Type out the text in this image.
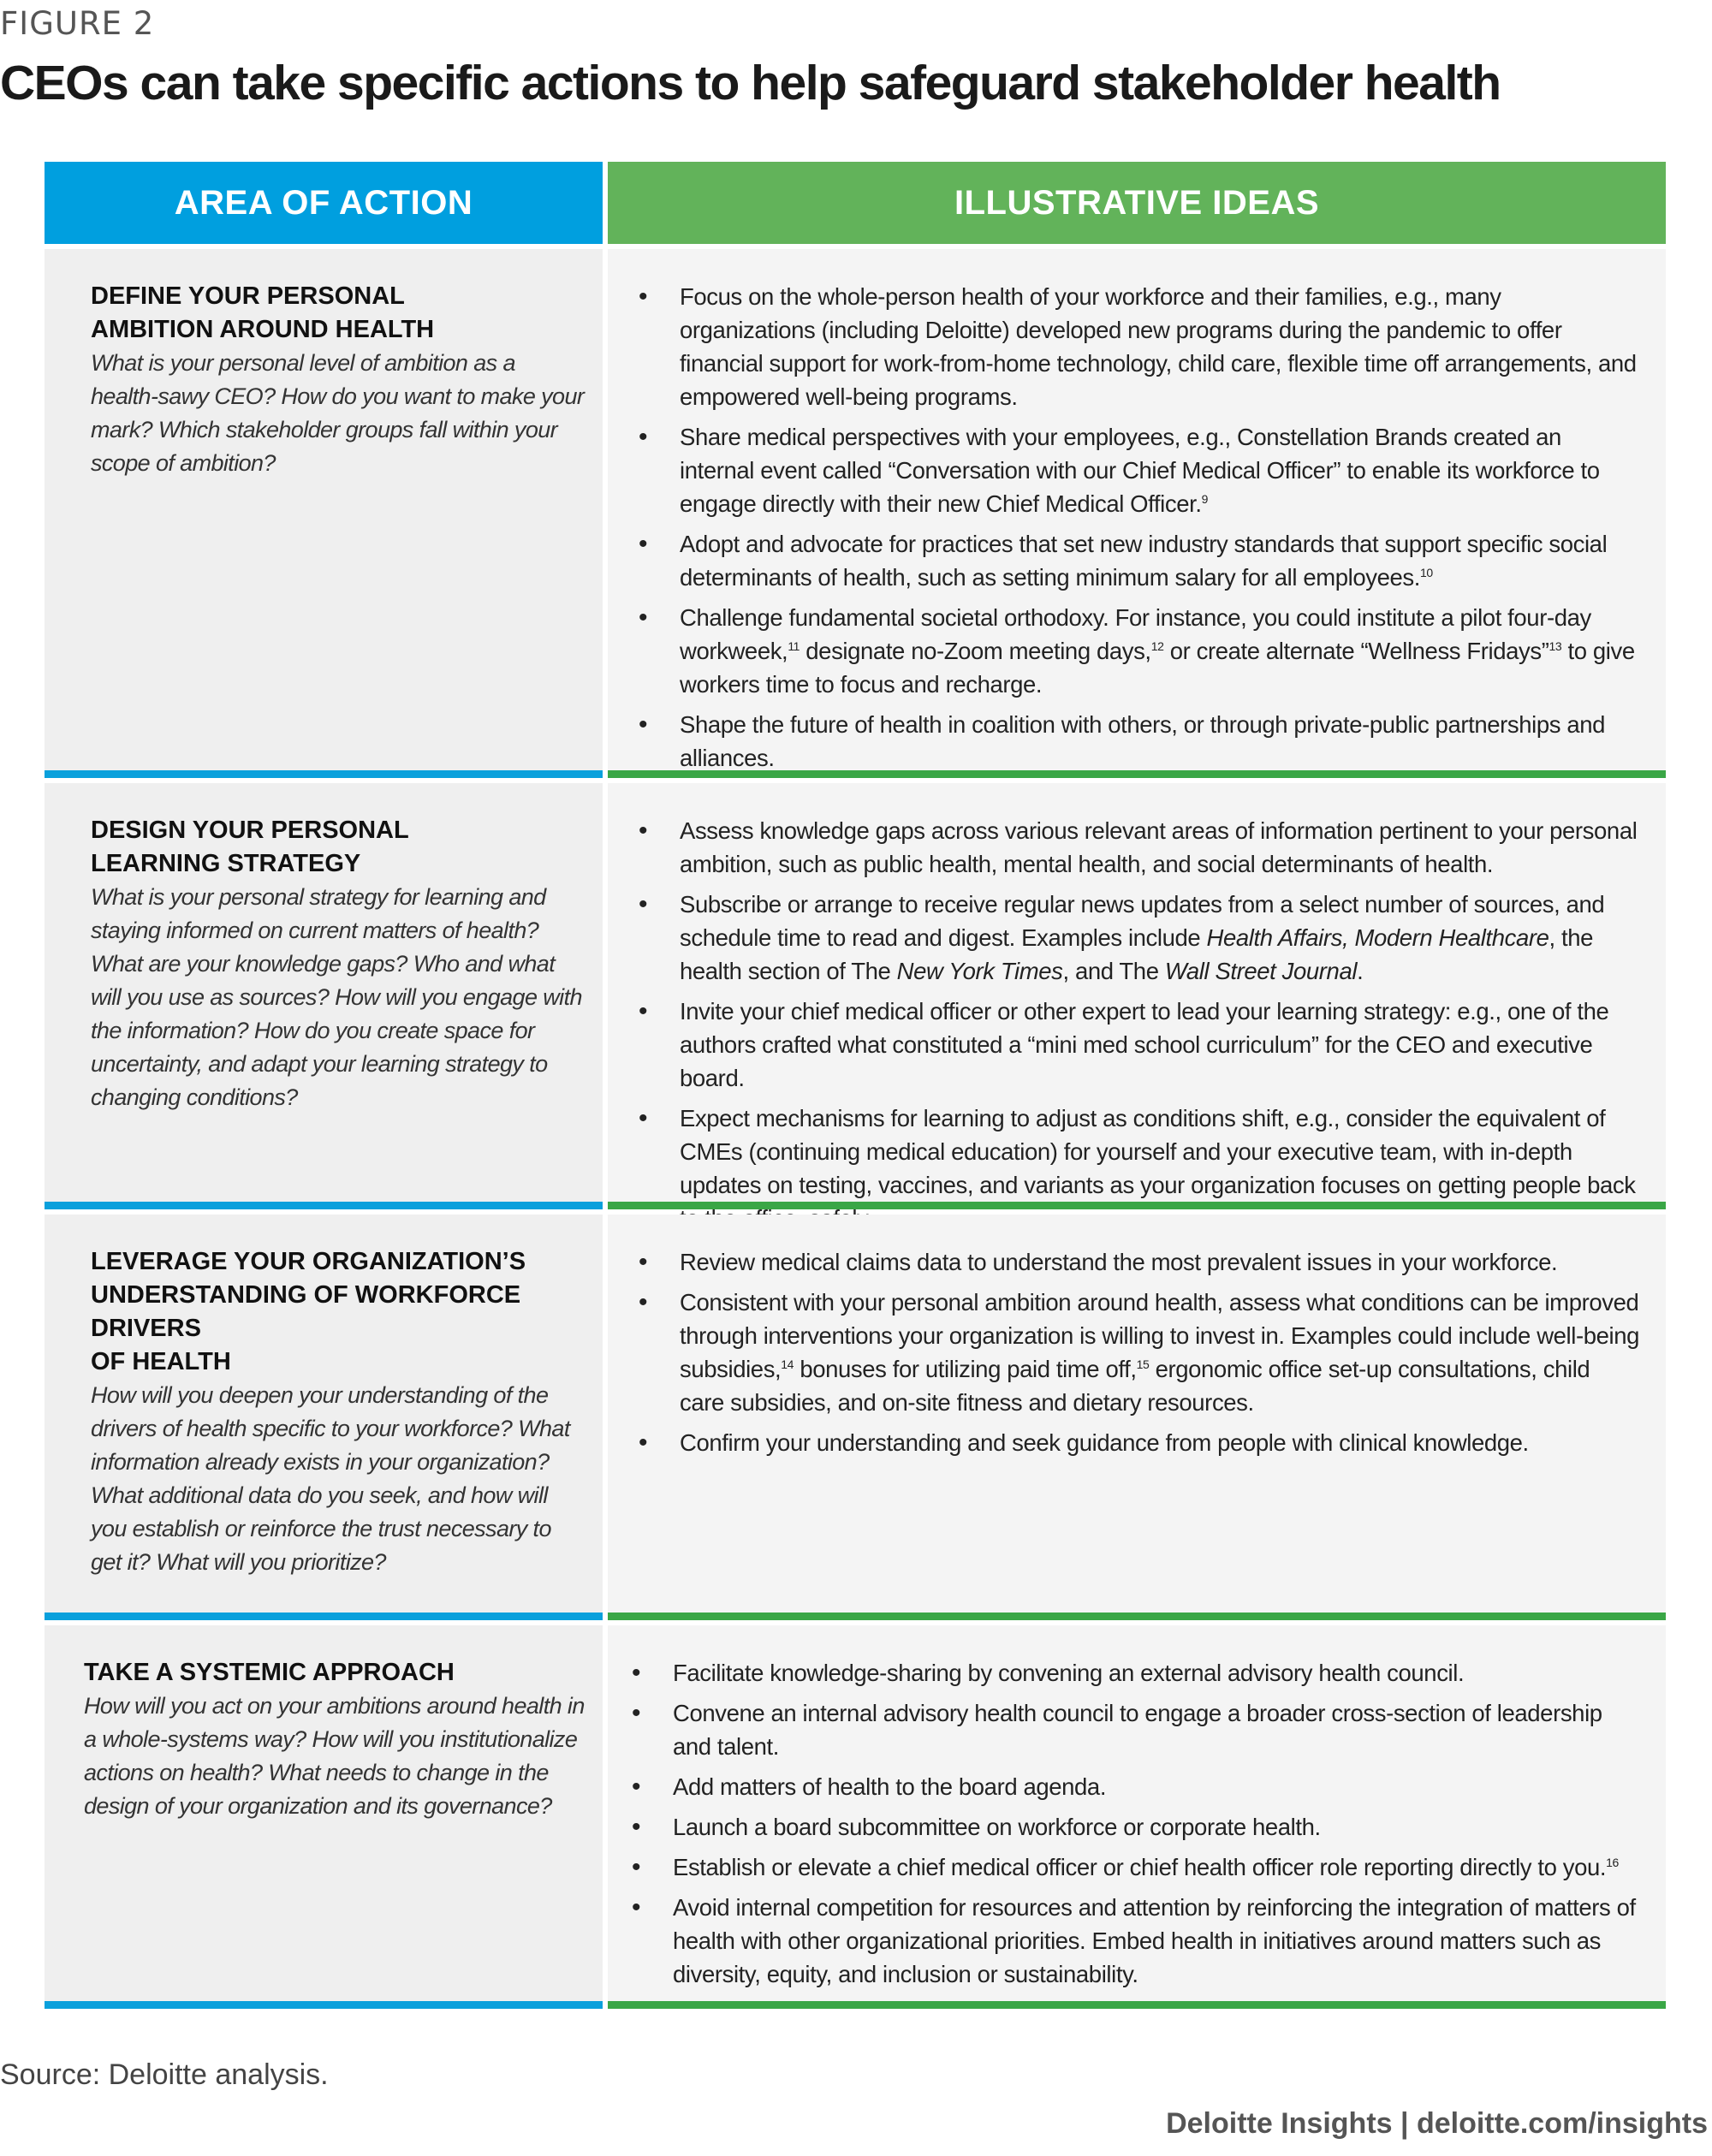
FIGURE 2
CEOs can take specific actions to help safeguard stakeholder health
AREA OF ACTION	ILLUSTRATIVE IDEAS
DEFINE YOUR PERSONAL
AMBITION AROUND HEALTH
What is your personal level of ambition as a health-sawy CEO? How do you want to make your mark? Which stakeholder groups fall within your scope of ambition?
• Focus on the whole-person health of your workforce and their families, e.g., many organizations (including Deloitte) developed new programs during the pandemic to offer financial support for work-from-home technology, child care, flexible time off arrangements, and empowered well-being programs.
• Share medical perspectives with your employees, e.g., Constellation Brands created an internal event called “Conversation with our Chief Medical Officer” to enable its workforce to engage directly with their new Chief Medical Officer.$^9$
• Adopt and advocate for practices that set new industry standards that support specific social determinants of health, such as setting minimum salary for all employees.$^{10}$
• Challenge fundamental societal orthodoxy. For instance, you could institute a pilot four-day workweek,$^{11}$ designate no-Zoom meeting days,$^{12}$ or create alternate “Wellness Fridays”$^{13}$ to give workers time to focus and recharge.
• Shape the future of health in coalition with others, or through private-public partnerships and alliances.
DESIGN YOUR PERSONAL
LEARNING STRATEGY
What is your personal strategy for learning and staying informed on current matters of health? What are your knowledge gaps? Who and what will you use as sources? How will you engage with the information? How do you create space for uncertainty, and adapt your learning strategy to changing conditions?
• Assess knowledge gaps across various relevant areas of information pertinent to your personal ambition, such as public health, mental health, and social determinants of health.
• Subscribe or arrange to receive regular news updates from a select number of sources, and schedule time to read and digest. Examples include Health Affairs, Modern Healthcare, the health section of The New York Times, and The Wall Street Journal.
• Invite your chief medical officer or other expert to lead your learning strategy: e.g., one of the authors crafted what constituted a “mini med school curriculum” for the CEO and executive board.
• Expect mechanisms for learning to adjust as conditions shift, e.g., consider the equivalent of CMEs (continuing medical education) for yourself and your executive team, with in-depth updates on testing, vaccines, and variants as your organization focuses on getting people back
LEVERAGE YOUR ORGANIZATION’S
UNDERSTANDING OF WORKFORCE DRIVERS
OF HEALTH
How will you deepen your understanding of the drivers of health specific to your workforce? What information already exists in your organization? What additional data do you seek, and how will you establish or reinforce the trust necessary to get it? What will you prioritize?
• Review medical claims data to understand the most prevalent issues in your workforce.
• Consistent with your personal ambition around health, assess what conditions can be improved through interventions your organization is willing to invest in. Examples could include well-being subsidies,$^{14}$ bonuses for utilizing paid time off,$^{15}$ ergonomic office set-up consultations, child care subsidies, and on-site fitness and dietary resources.
• Confirm your understanding and seek guidance from people with clinical knowledge.
TAKE A SYSTEMIC APPROACH
How will you act on your ambitions around health in a whole-systems way? How will you institutionalize actions on health? What needs to change in the design of your organization and its governance?
• Facilitate knowledge-sharing by convening an external advisory health council.
• Convene an internal advisory health council to engage a broader cross-section of leadership and talent.
• Add matters of health to the board agenda.
• Launch a board subcommittee on workforce or corporate health.
• Establish or elevate a chief medical officer or chief health officer role reporting directly to you.$^{16}$
• Avoid internal competition for resources and attention by reinforcing the integration of matters of health with other organizational priorities. Embed health in initiatives around matters such as diversity, equity, and inclusion or sustainability.
Source: Deloitte analysis.
Deloitte Insights | deloitte.com/insights
